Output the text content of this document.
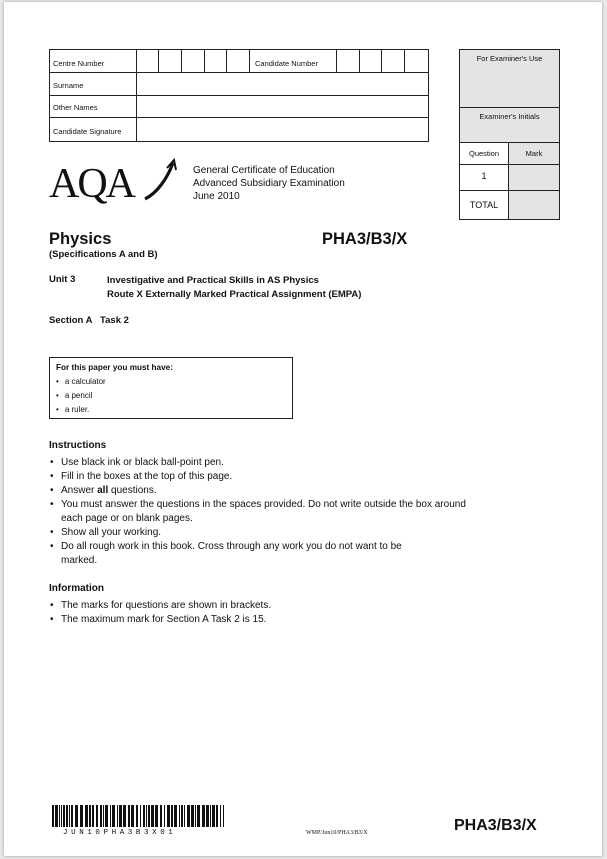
Centre Number	Candidate Number
Surname
Other Names
Candidate Signature
For Examiner's Use
Examiner's Initials
Question	Mark
1
TOTAL
AQA	General Certificate of Education
Advanced Subsidiary Examination
June 2010
Physics	PHA3/B3/X
(Specifications A and B)
Unit 3	Investigative and Practical Skills in AS Physics
Route X Externally Marked Practical Assignment (EMPA)
Section A   Task 2
For this paper you must have:
• a calculator
• a pencil
• a ruler.
Instructions
• Use black ink or black ball-point pen.
• Fill in the boxes at the top of this page.
• Answer all questions.
• You must answer the questions in the spaces provided. Do not write outside the box around each page or on blank pages.
• Show all your working.
• Do all rough work in this book. Cross through any work you do not want to be marked.
Information
• The marks for questions are shown in brackets.
• The maximum mark for Section A Task 2 is 15.
JUN10PHA3B3X01	WMP/Jun10/PHA3/B3/X	PHA3/B3/X
